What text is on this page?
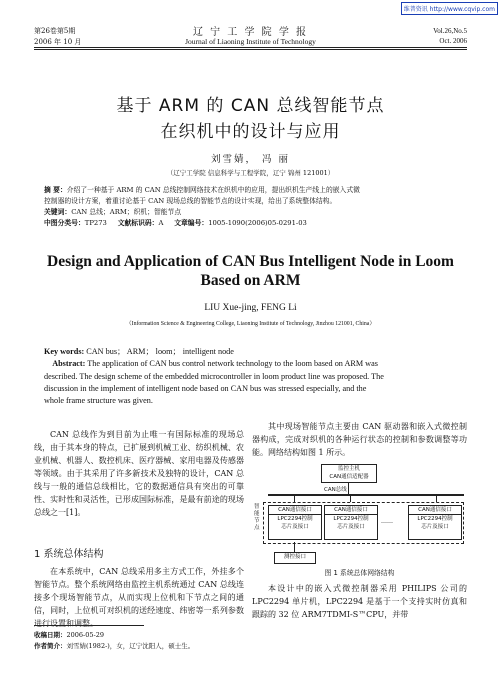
维普资讯 http://www.cqvip.com
第26卷第5期
2006 年 10 月
辽 宁 工 学 院 学 报
Journal of Liaoning Institute of Technology
Vol.26,No.5
Oct. 2006
基于 ARM 的 CAN 总线智能节点
在织机中的设计与应用
刘雪婧， 冯 丽
（辽宁工学院 信息科学与工程学院，辽宁 锦州 121001）
摘 要：介绍了一种基于 ARM 的 CAN 总线控制网络技术在织机中的应用，提出织机生产线上的嵌入式微
控制器的设计方案，着重讨论基于 CAN 现场总线的智能节点的设计实现，给出了系统整体结构。
关键词：CAN 总线；ARM；织机；智能节点
中图分类号：TP273 文献标识码：A 文章编号：1005-1090(2006)05-0291-03
Design and Application of CAN Bus Intelligent Node in Loom
Based on ARM
LIU Xue-jing, FENG Li
（Information Science & Engineering College, Liaoning Institute of Technology, Jinzhou 121001, China）
Key words: CAN bus； ARM； loom； intelligent node
Abstract: The application of CAN bus control network technology to the loom based on ARM was
described. The design scheme of the embedded microcontroller in loom product line was proposed. The
discussion in the implement of intelligent node based on CAN bus was stressed especially, and the
whole frame structure was given.
CAN 总线作为到目前为止唯一有国际标准的现场总线，由于其本身的特点，已扩展到机械工业、纺织机械、农业机械、机器人、数控机床、医疗器械、家用电器及传感器等领域。由于其采用了许多新技术及独特的设计，CAN 总线与一般的通信总线相比，它的数据通信具有突出的可靠性、实时性和灵活性，已形成国际标准，是最有前途的现场总线之一[1]。
1 系统总体结构
在本系统中，CAN 总线采用多主方式工作，外挂多个智能节点。整个系统网络由监控主机系统通过 CAN 总线连接多个现场智能节点，从而实现上位机和下节点之间的通信，同时，上位机可对织机的送经速度、纬密等一系列参数进行设置和调整。
其中现场智能节点主要由 CAN 驱动器和嵌入式微控制器构成，完成对织机的各种运行状态的控制和参数调整等功能。网络结构如图 1 所示。
监控主机
CAN通信适配器
CAN总线
智能节点
CAN通信接口
LPC2294控制
芯片及接口
CAN通信接口
LPC2294控制
芯片及接口
……
CAN通信接口
LPC2294控制
芯片及接口
测控接口
图 1 系统总体网络结构
本设计中的嵌入式微控制器采用 PHILIPS 公司的 LPC2294 单片机，LPC2294 是基于一个支持实时仿真和跟踪的 32 位 ARM7TDMI-S™CPU，并带
收稿日期：2006-05-29
作者简介：刘雪婧(1982-)，女，辽宁沈阳人，硕士生。
